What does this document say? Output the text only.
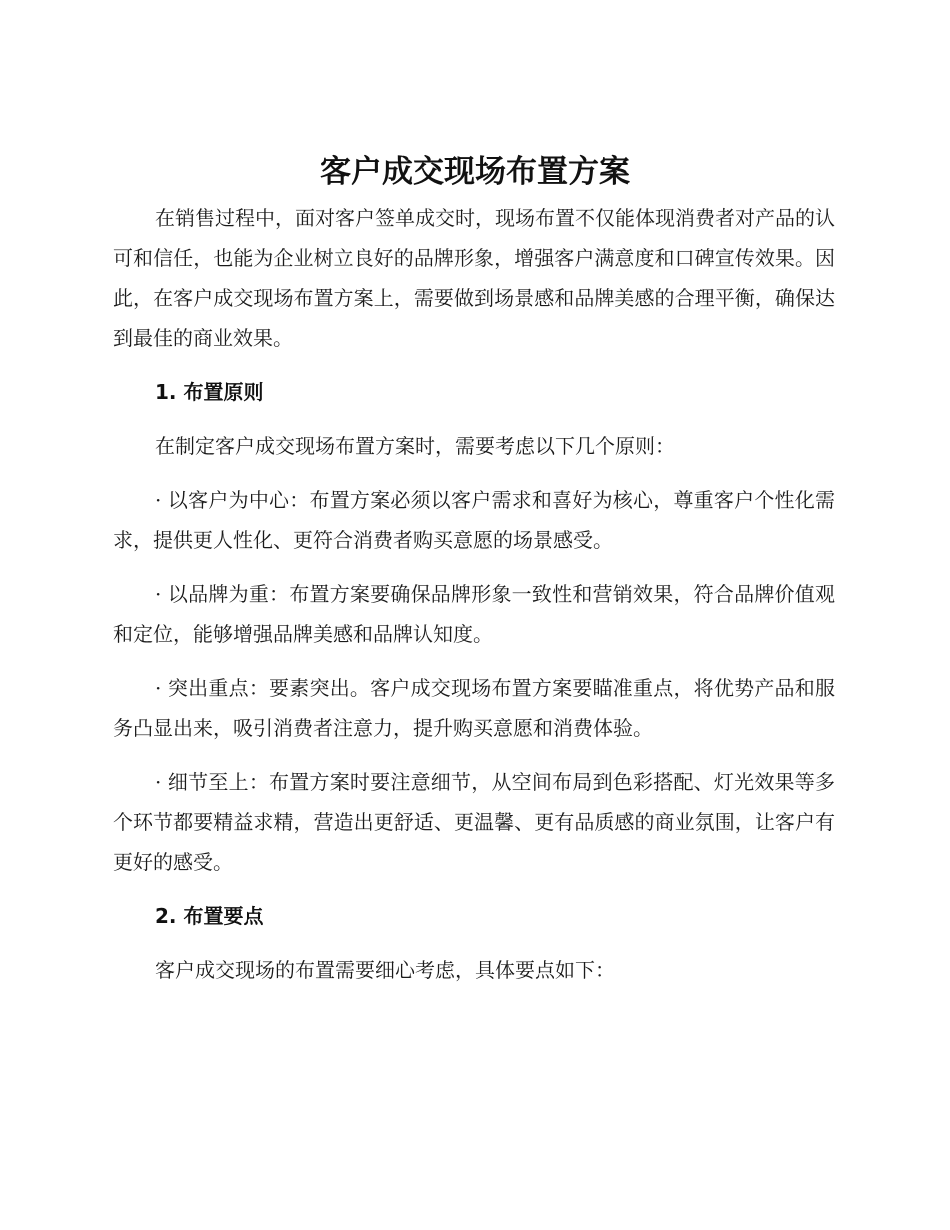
客户成交现场布置方案

在销售过程中，面对客户签单成交时，现场布置不仅能体现消费者对产品的认可和信任，也能为企业树立良好的品牌形象，增强客户满意度和口碑宣传效果。因此，在客户成交现场布置方案上，需要做到场景感和品牌美感的合理平衡，确保达到最佳的商业效果。

1. 布置原则

在制定客户成交现场布置方案时，需要考虑以下几个原则：

· 以客户为中心：布置方案必须以客户需求和喜好为核心，尊重客户个性化需求，提供更人性化、更符合消费者购买意愿的场景感受。

· 以品牌为重：布置方案要确保品牌形象一致性和营销效果，符合品牌价值观和定位，能够增强品牌美感和品牌认知度。

· 突出重点：要素突出。客户成交现场布置方案要瞄准重点，将优势产品和服务凸显出来，吸引消费者注意力，提升购买意愿和消费体验。

· 细节至上：布置方案时要注意细节，从空间布局到色彩搭配、灯光效果等多个环节都要精益求精，营造出更舒适、更温馨、更有品质感的商业氛围，让客户有更好的感受。

2. 布置要点

客户成交现场的布置需要细心考虑，具体要点如下：
